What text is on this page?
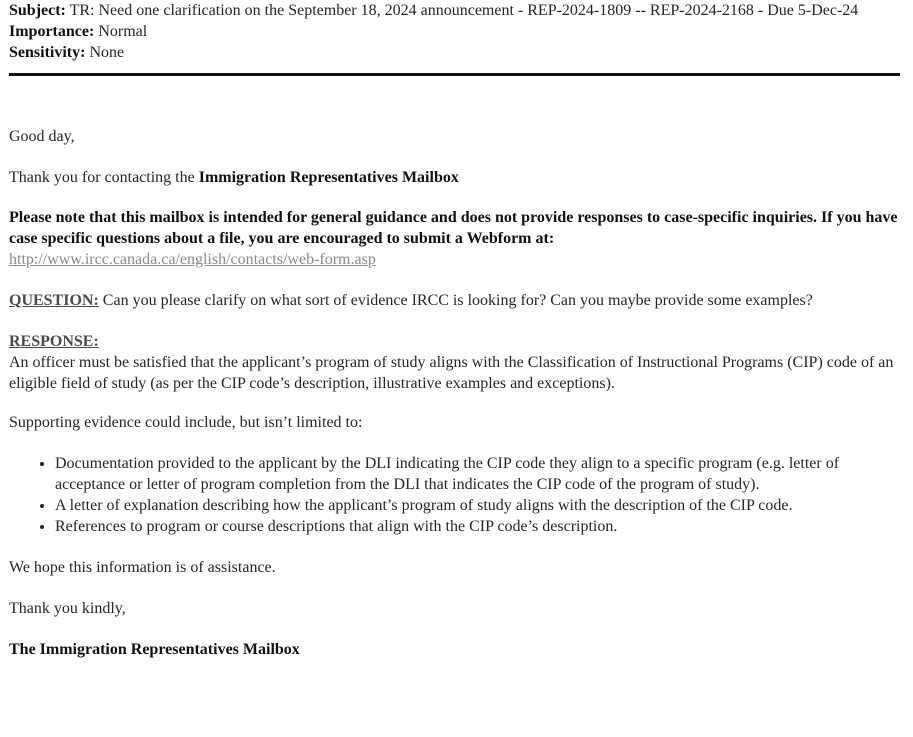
Subject: TR: Need one clarification on the September 18, 2024 announcement - REP-2024-1809 -- REP-2024-2168 - Due 5-Dec-24

Importance: Normal

Sensitivity: None

Good day,

Thank you for contacting the Immigration Representatives Mailbox

Please note that this mailbox is intended for general guidance and does not provide responses to case-specific inquiries. If you have case specific questions about a file, you are encouraged to submit a Webform at:

http://www.ircc.canada.ca/english/contacts/web-form.asp

QUESTION: Can you please clarify on what sort of evidence IRCC is looking for? Can you maybe provide some examples?

RESPONSE:

An officer must be satisfied that the applicant’s program of study aligns with the Classification of Instructional Programs (CIP) code of an eligible field of study (as per the CIP code’s description, illustrative examples and exceptions).

Supporting evidence could include, but isn’t limited to:

• Documentation provided to the applicant by the DLI indicating the CIP code they align to a specific program (e.g. letter of acceptance or letter of program completion from the DLI that indicates the CIP code of the program of study).
• A letter of explanation describing how the applicant’s program of study aligns with the description of the CIP code.
• References to program or course descriptions that align with the CIP code’s description.

We hope this information is of assistance.

Thank you kindly,

The Immigration Representatives Mailbox
